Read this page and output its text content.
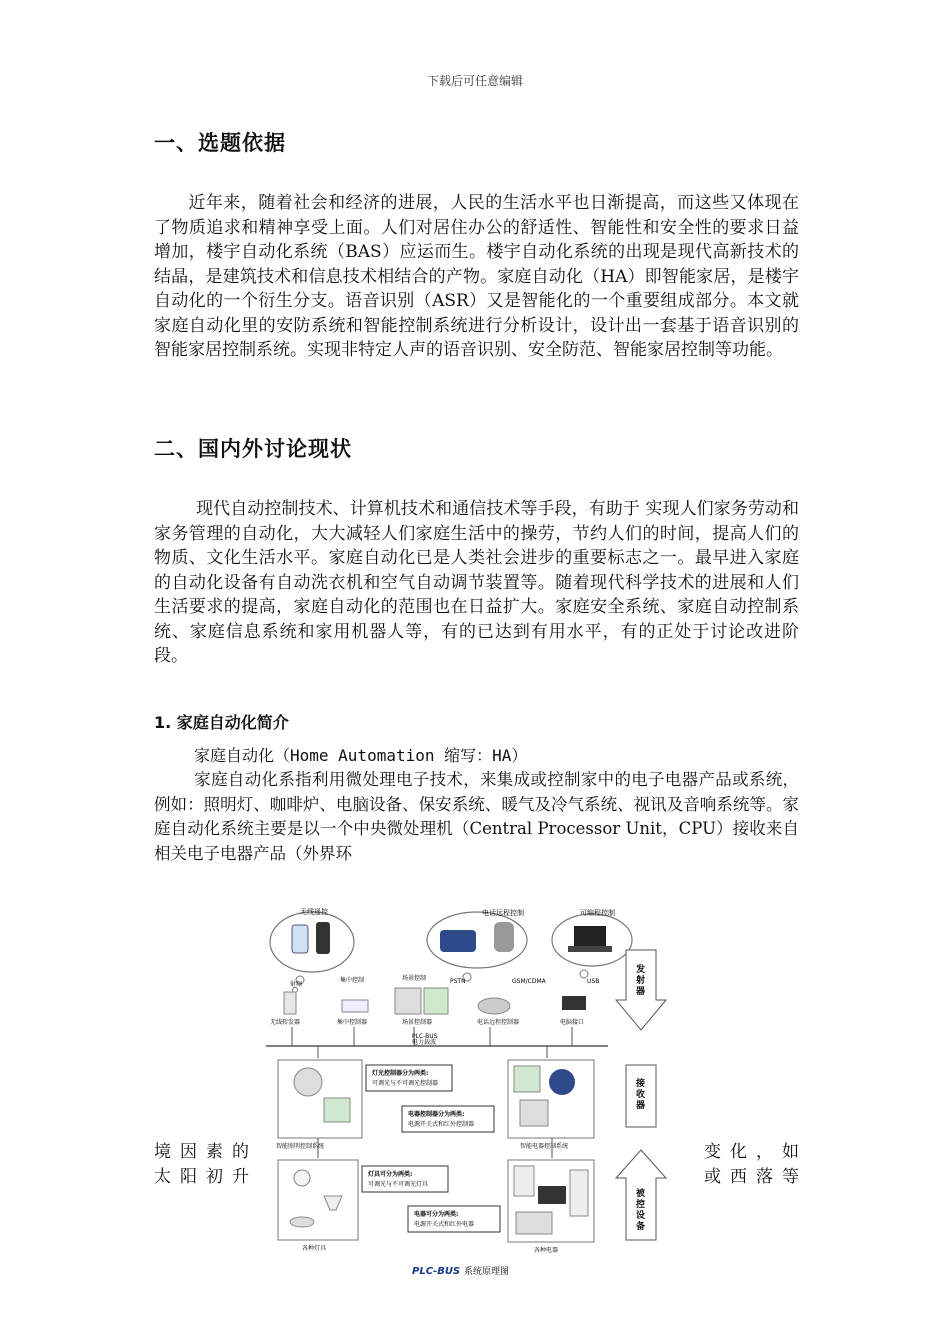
下载后可任意编辑
一、选题依据

近年来，随着社会和经济的进展，人民的生活水平也日渐提高，而这些又体现在了物质追求和精神享受上面。人们对居住办公的舒适性、智能性和安全性的要求日益增加，楼宇自动化系统（BAS）应运而生。楼宇自动化系统的出现是现代高新技术的结晶，是建筑技术和信息技术相结合的产物。家庭自动化（HA）即智能家居，是楼宇自动化的一个衍生分支。语音识别（ASR）又是智能化的一个重要组成部分。本文就家庭自动化里的安防系统和智能控制系统进行分析设计，设计出一套基于语音识别的智能家居控制系统。实现非特定人声的语音识别、安全防范、智能家居控制等功能。

二、国内外讨论现状

现代自动控制技术、计算机技术和通信技术等手段，有助于 实现人们家务劳动和家务管理的自动化，大大减轻人们家庭生活中的操劳，节约人们的时间，提高人们的物质、文化生活水平。家庭自动化已是人类社会进步的重要标志之一。最早进入家庭的自动化设备有自动洗衣机和空气自动调节装置等。随着现代科学技术的进展和人们生活要求的提高，家庭自动化的范围也在日益扩大。家庭安全系统、家庭自动控制系统、家庭信息系统和家用机器人等，有的已达到有用水平，有的正处于讨论改进阶段。

1. 家庭自动化简介
家庭自动化（Home Automation 缩写：HA）

家庭自动化系指利用微处理电子技术，来集成或控制家中的电子电器产品或系统，例如：照明灯、咖啡炉、电脑设备、保安系统、暖气及冷气系统、视讯及音响系统等。家庭自动化系统主要是以一个中央微处理机（Central Processor Unit，CPU）接收来自相关电子电器产品（外界环

境因素的
太阳初升
变化，如
或西落等
无线遥控	电话远程控制	可编程控制
射频
集中控制	场景控制	PSTN	GSM/CDMA	USB
无线转发器	集中控制器	场景控制器	电话远程控制器	电脑接口
PLC-BUS
电力载波
发射器
接收器
被控设备
智能照明控制系统	智能电器控制系统
灯光控制器分为两类:
可调光与不可调光控制器
电器控制器分为两类:
电源开关式和红外控制器
灯具可分为两类:
可调光与不可调光灯具
电器可分为两类:
电源开关式和红外电器
各种灯具	各种电器
PLC-BUS 系统原理图
